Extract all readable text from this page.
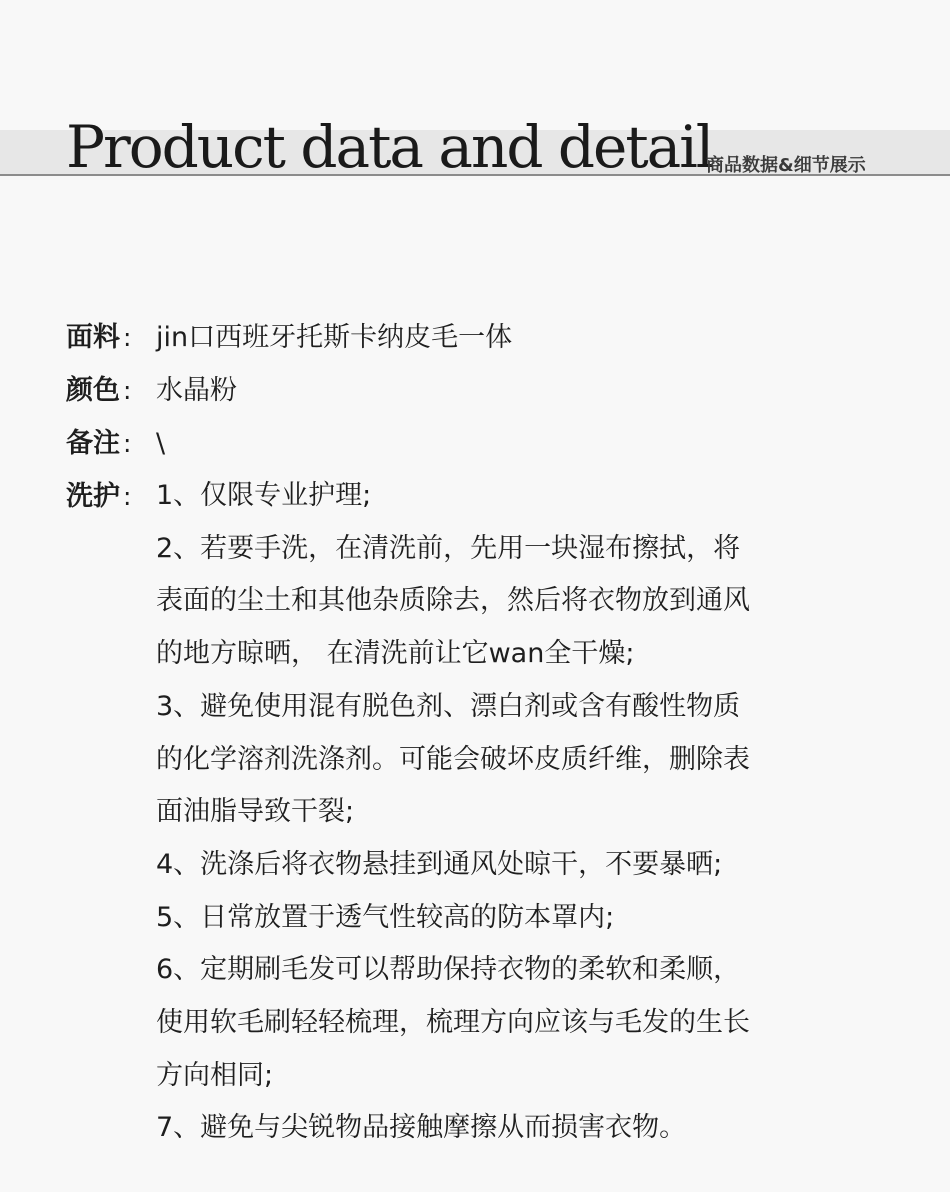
Product data and detail
商品数据&细节展示
面料 : jin口西班牙托斯卡纳皮毛一体
颜色 : 水晶粉
备注 : \
洗护 : 1、仅限专业护理;
2、若要手洗，在清洗前，先用一块湿布擦拭，将
表面的尘土和其他杂质除去，然后将衣物放到通风
的地方晾晒， 在清洗前让它wan全干燥;
3、避免使用混有脱色剂、漂白剂或含有酸性物质
的化学溶剂洗涤剂。可能会破坏皮质纤维，删除表
面油脂导致干裂;
4、洗涤后将衣物悬挂到通风处晾干，不要暴晒;
5、日常放置于透气性较高的防本罩内;
6、定期刷毛发可以帮助保持衣物的柔软和柔顺，
使用软毛刷轻轻梳理，梳理方向应该与毛发的生长
方向相同;
7、避免与尖锐物品接触摩擦从而损害衣物。
